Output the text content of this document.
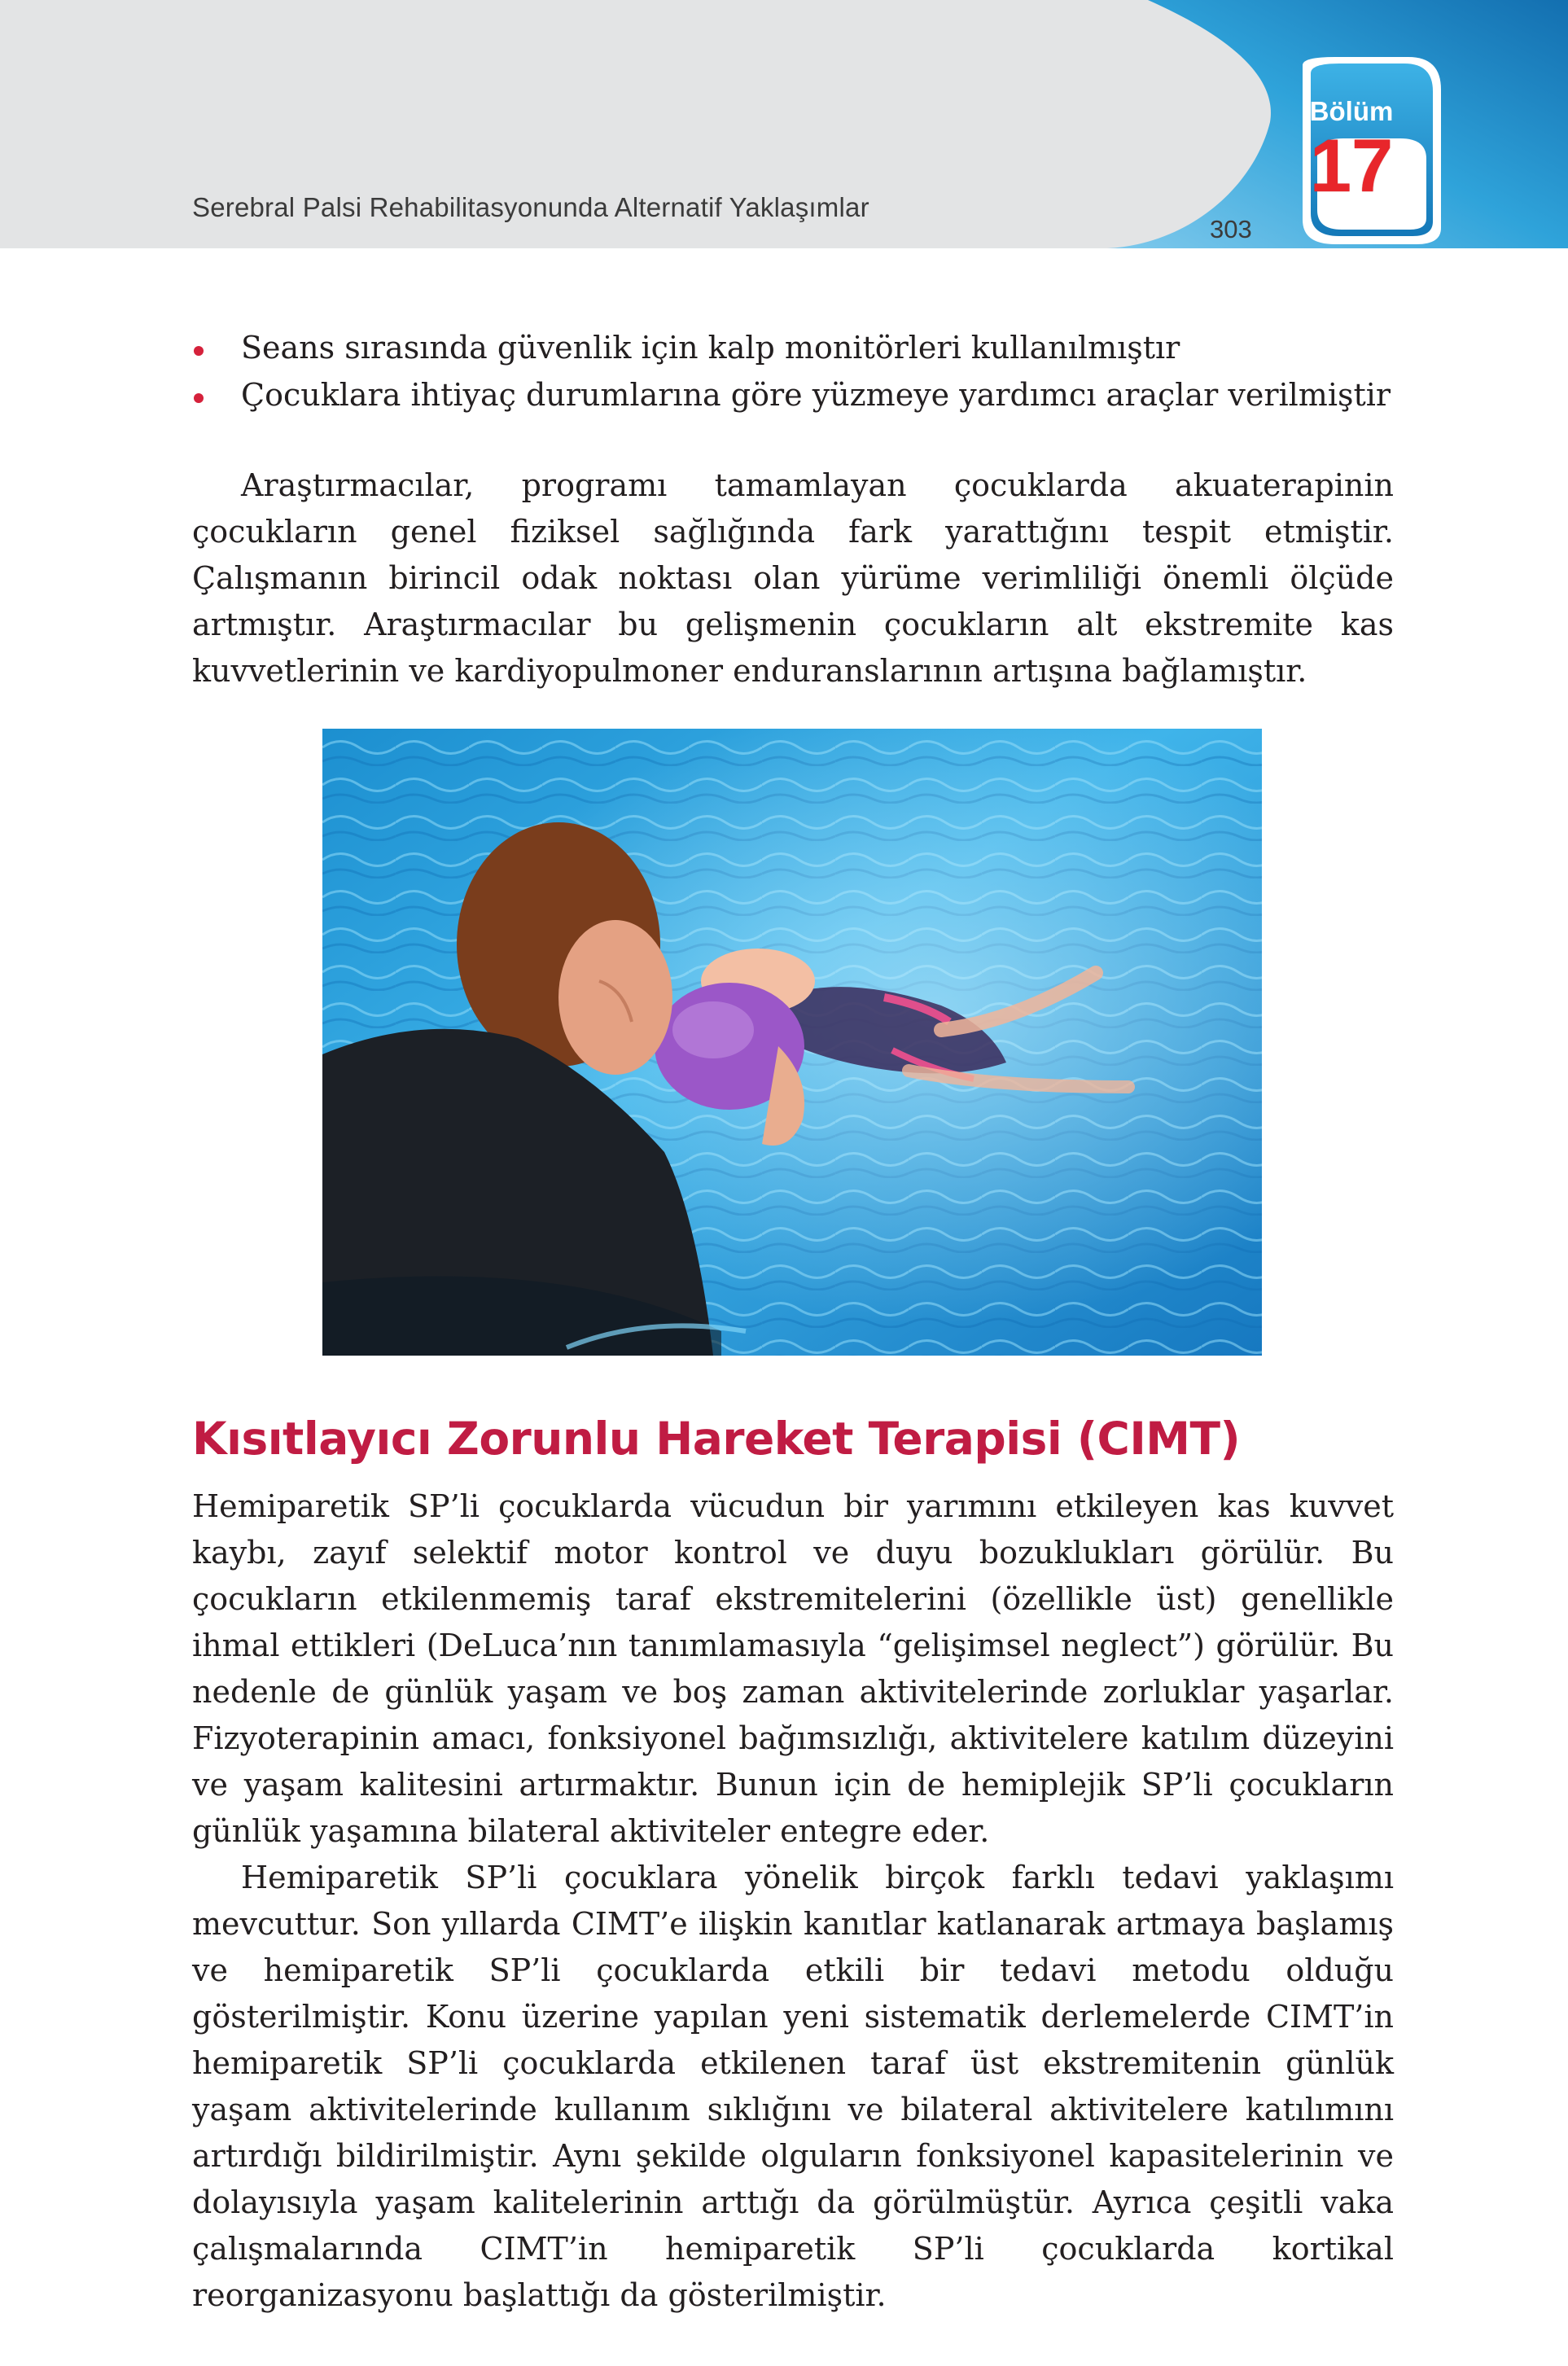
Bölüm
17
Serebral Palsi Rehabilitasyonunda Alternatif Yaklaşımlar
303
Seans sırasında güvenlik için kalp monitörleri kullanılmıştır
Çocuklara ihtiyaç durumlarına göre yüzmeye yardımcı araçlar verilmiştir

Araştırmacılar, programı tamamlayan çocuklarda akuaterapinin çocukların genel fiziksel sağlığında fark yarattığını tespit etmiştir. Çalışmanın birincil odak noktası olan yürüme verimliliği önemli ölçüde artmıştır. Araştırmacılar bu gelişmenin çocukların alt ekstremite kas kuvvetlerinin ve kardiyopulmoner enduranslarının artışına bağlamıştır.

Kısıtlayıcı Zorunlu Hareket Terapisi (CIMT)

Hemiparetik SP’li çocuklarda vücudun bir yarımını etkileyen kas kuvvet kaybı, zayıf selektif motor kontrol ve duyu bozuklukları görülür. Bu çocukların etkilenmemiş taraf ekstremitelerini (özellikle üst) genellikle ihmal ettikleri (DeLuca’nın tanımlamasıyla “gelişimsel neglect”) görülür. Bu nedenle de günlük yaşam ve boş zaman aktivitelerinde zorluklar yaşarlar. Fizyoterapinin amacı, fonksiyonel bağımsızlığı, aktivitelere katılım düzeyini ve yaşam kalitesini artırmaktır. Bunun için de hemiplejik SP’li çocukların günlük yaşamına bilateral aktiviteler entegre eder.

Hemiparetik SP’li çocuklara yönelik birçok farklı tedavi yaklaşımı mevcuttur. Son yıllarda CIMT’e ilişkin kanıtlar katlanarak artmaya başlamış ve hemiparetik SP’li çocuklarda etkili bir tedavi metodu olduğu gösterilmiştir. Konu üzerine yapılan yeni sistematik derlemelerde CIMT’in hemiparetik SP’li çocuklarda etkilenen taraf üst ekstremitenin günlük yaşam aktivitelerinde kullanım sıklığını ve bilateral aktivitelere katılımını artırdığı bildirilmiştir. Aynı şekilde olguların fonksiyonel kapasitelerinin ve dolayısıyla yaşam kalitelerinin arttığı da görülmüştür. Ayrıca çeşitli vaka çalışmalarında CIMT’in hemiparetik SP’li çocuklarda kortikal reorganizasyonu başlattığı da gösterilmiştir.
